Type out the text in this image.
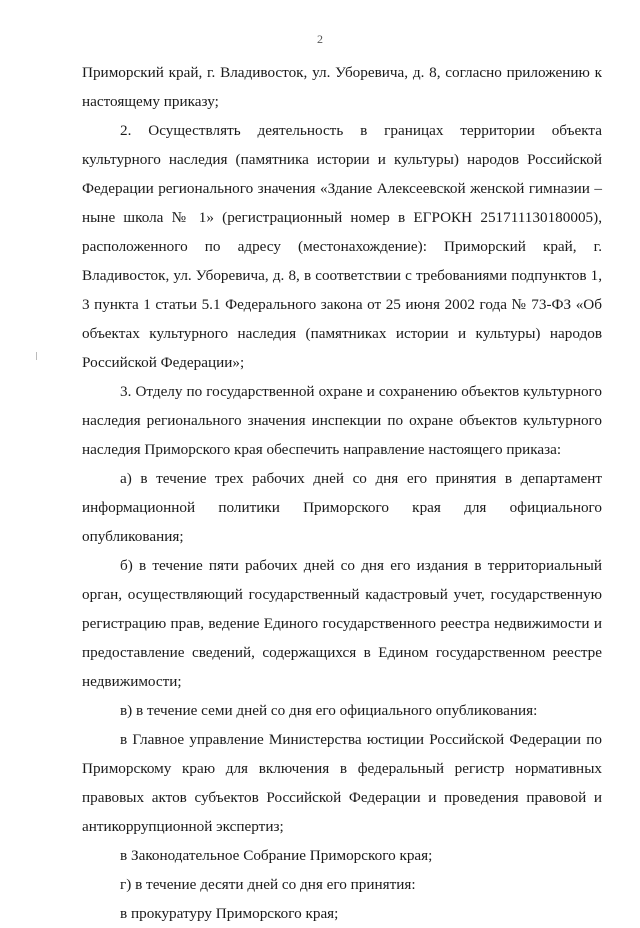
2

Приморский край, г. Владивосток, ул. Уборевича, д. 8, согласно приложению к настоящему приказу;

2. Осуществлять деятельность в границах территории объекта культурного наследия (памятника истории и культуры) народов Российской Федерации регионального значения «Здание Алексеевской женской гимназии – ныне школа № 1» (регистрационный номер в ЕГРОКН 251711130180005), расположенного по адресу (местонахождение): Приморский край, г. Владивосток, ул. Уборевича, д. 8, в соответствии с требованиями подпунктов 1, 3 пункта 1 статьи 5.1 Федерального закона от 25 июня 2002 года № 73-ФЗ «Об объектах культурного наследия (памятниках истории и культуры) народов Российской Федерации»;

3. Отделу по государственной охране и сохранению объектов культурного наследия регионального значения инспекции по охране объектов культурного наследия Приморского края обеспечить направление настоящего приказа:

а) в течение трех рабочих дней со дня его принятия в департамент информационной политики Приморского края для официального опубликования;

б) в течение пяти рабочих дней со дня его издания в территориальный орган, осуществляющий государственный кадастровый учет, государственную регистрацию прав, ведение Единого государственного реестра недвижимости и предоставление сведений, содержащихся в Едином государственном реестре недвижимости;

в) в течение семи дней со дня его официального опубликования:

в Главное управление Министерства юстиции Российской Федерации по Приморскому краю для включения в федеральный регистр нормативных правовых актов субъектов Российской Федерации и проведения правовой и антикоррупционной экспертиз;

в Законодательное Собрание Приморского края;

г) в течение десяти дней со дня его принятия:

в прокуратуру Приморского края;
